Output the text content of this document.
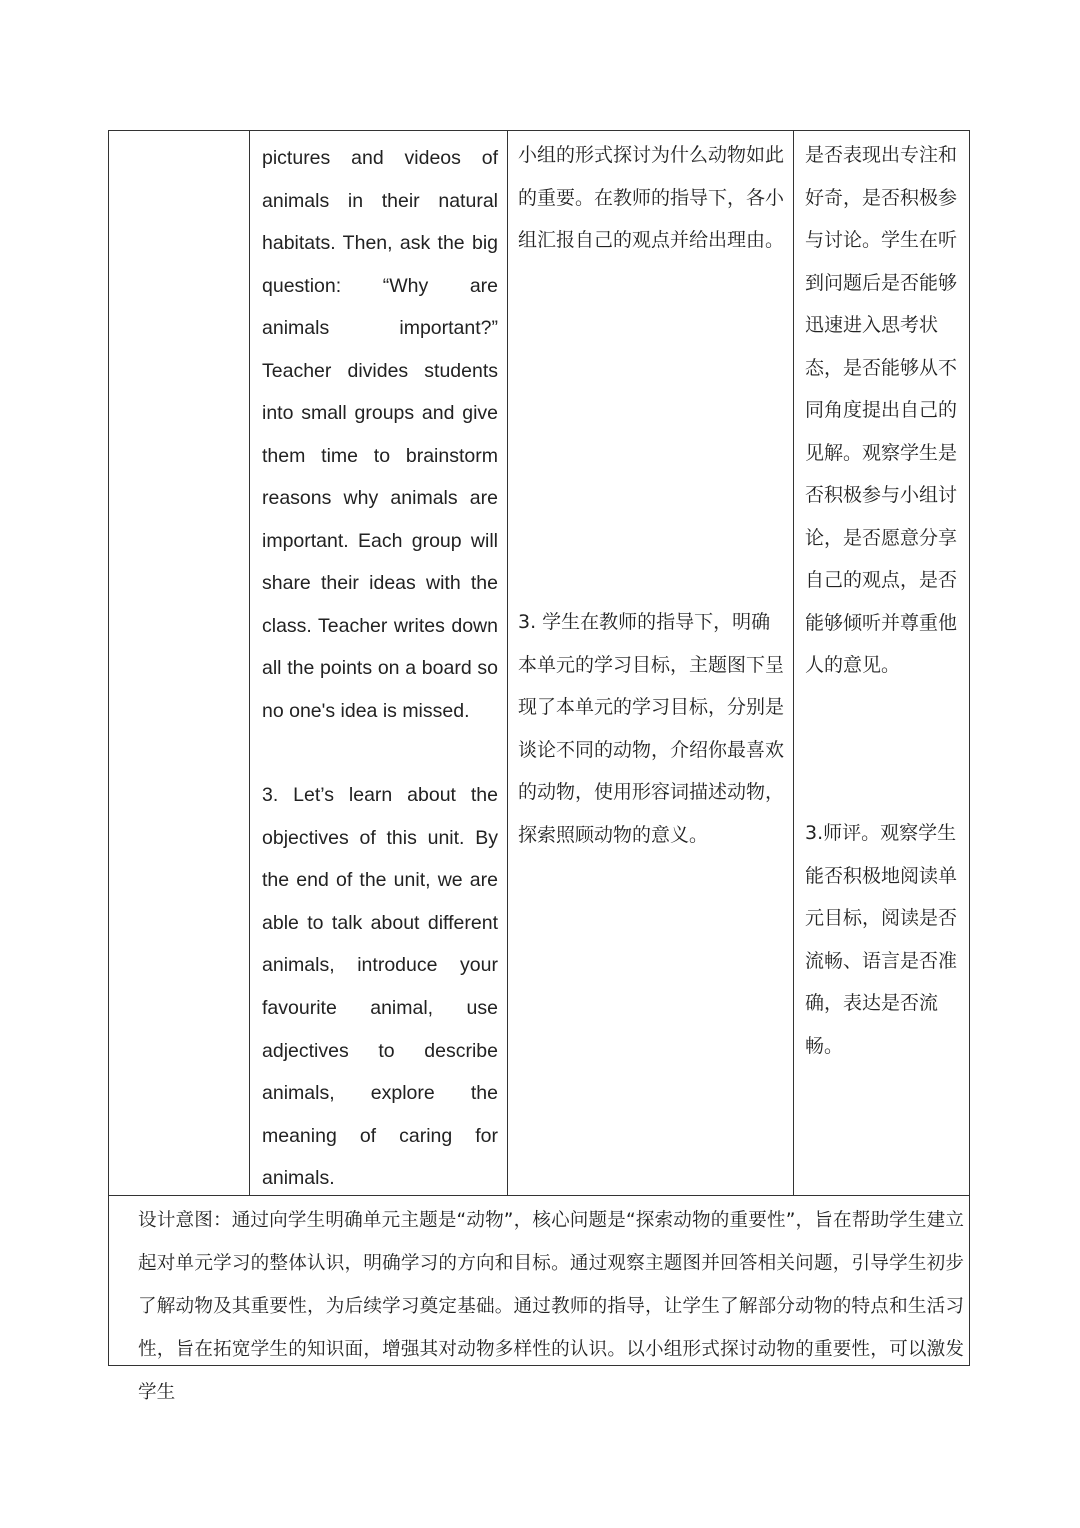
pictures and videos of animals in their natural habitats. Then, ask the big question: “Why are animals important?” Teacher divides students into small groups and give them time to brainstorm reasons why animals are important. Each group will share their ideas with the class. Teacher writes down all the points on a board so no one's idea is missed.

3. Let’s learn about the objectives of this unit. By the end of the unit, we are able to talk about different animals, introduce your favourite animal, use adjectives to describe animals, explore the meaning of caring for animals.

小组的形式探讨为什么动物如此的重要。在教师的指导下，各小组汇报自己的观点并给出理由。

3. 学生在教师的指导下，明确本单元的学习目标，主题图下呈现了本单元的学习目标，分别是谈论不同的动物，介绍你最喜欢的动物，使用形容词描述动物，探索照顾动物的意义。

是否表现出专注和好奇，是否积极参与讨论。学生在听到问题后是否能够迅速进入思考状态，是否能够从不同角度提出自己的见解。观察学生是否积极参与小组讨论，是否愿意分享自己的观点，是否能够倾听并尊重他人的意见。

3.师评。观察学生能否积极地阅读单元目标，阅读是否流畅、语言是否准确，表达是否流畅。

设计意图：通过向学生明确单元主题是“动物”，核心问题是“探索动物的重要性”，旨在帮助学生建立起对单元学习的整体认识，明确学习的方向和目标。通过观察主题图并回答相关问题，引导学生初步了解动物及其重要性，为后续学习奠定基础。通过教师的指导，让学生了解部分动物的特点和生活习性，旨在拓宽学生的知识面，增强其对动物多样性的认识。以小组形式探讨动物的重要性，可以激发学生
